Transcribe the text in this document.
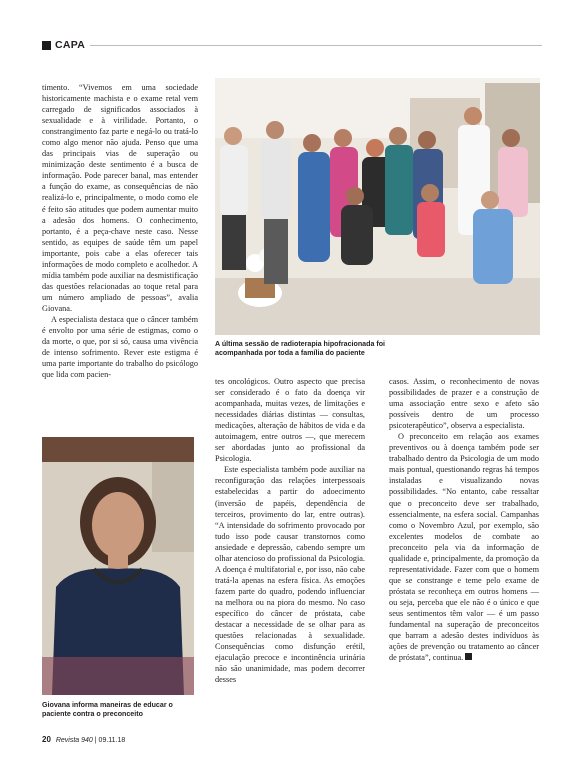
CAPA

timento. “Vivemos em uma sociedade historicamente machista e o exame retal vem carregado de significados associados à sexualidade e à virilidade. Portanto, o constrangimento faz parte e negá-lo ou tratá-lo como algo menor não ajuda. Penso que uma das principais vias de superação ou minimização deste sentimento é a busca de informação. Pode parecer banal, mas entender a função do exame, as consequências de não realizá-lo e, principalmente, o modo como ele é feito são atitudes que podem aumentar muito a adesão dos homens. O conhecimento, portanto, é a peça-chave neste caso. Nesse sentido, as equipes de saúde têm um papel importante, pois cabe a elas oferecer tais informações de modo completo e acolhedor. A mídia também pode auxiliar na desmistificação das questões relacionadas ao toque retal para um número ampliado de pessoas”, avalia Giovana.

A especialista destaca que o câncer também é envolto por uma série de estigmas, como o da morte, o que, por si só, causa uma vivência de intenso sofrimento. Rever este estigma é uma parte importante do trabalho do psicólogo que lida com pacien-

A última sessão de radioterapia hipofracionada foi acompanhada por toda a família do paciente
Giovana informa maneiras de educar o paciente contra o preconceito

tes oncológicos. Outro aspecto que precisa ser considerado é o fato da doença vir acompanhada, muitas vezes, de limitações e necessidades diárias distintas — consultas, medicações, alteração de hábitos de vida e da autoimagem, entre outros —, que merecem ser abordadas junto ao profissional da Psicologia.

Este especialista também pode auxiliar na reconfiguração das relações interpessoais estabelecidas a partir do adoecimento (inversão de papéis, dependência de terceiros, provimento do lar, entre outras). “A intensidade do sofrimento provocado por tudo isso pode causar transtornos como ansiedade e depressão, cabendo sempre um olhar atencioso do profissional da Psicologia. A doença é multifatorial e, por isso, não cabe tratá-la apenas na esfera física. As emoções fazem parte do quadro, podendo influenciar na melhora ou na piora do mesmo. No caso específico do câncer de próstata, cabe destacar a necessidade de se olhar para as questões relacionadas à sexualidade. Consequências como disfunção erétil, ejaculação precoce e incontinência urinária não são unanimidade, mas podem decorrer desses

casos. Assim, o reconhecimento de novas possibilidades de prazer e a construção de uma associação entre sexo e afeto são possíveis dentro de um processo psicoterapêutico”, observa a especialista.

O preconceito em relação aos exames preventivos ou à doença também pode ser trabalhado dentro da Psicologia de um modo mais pontual, questionando regras há tempos instaladas e visualizando novas possibilidades. “No entanto, cabe ressaltar que o preconceito deve ser trabalhado, essencialmente, na esfera social. Campanhas como o Novembro Azul, por exemplo, são excelentes modelos de combate ao preconceito pela via da informação de qualidade e, principalmente, da promoção da representatividade. Fazer com que o homem que se constrange e teme pelo exame de próstata se reconheça em outros homens — ou seja, perceba que ele não é o único e que seus sentimentos têm valor — é um passo fundamental na superação de preconceitos que barram a adesão destes indivíduos às ações de prevenção ou tratamento ao câncer de próstata”, continua.

20 Revista 940 | 09.11.18
